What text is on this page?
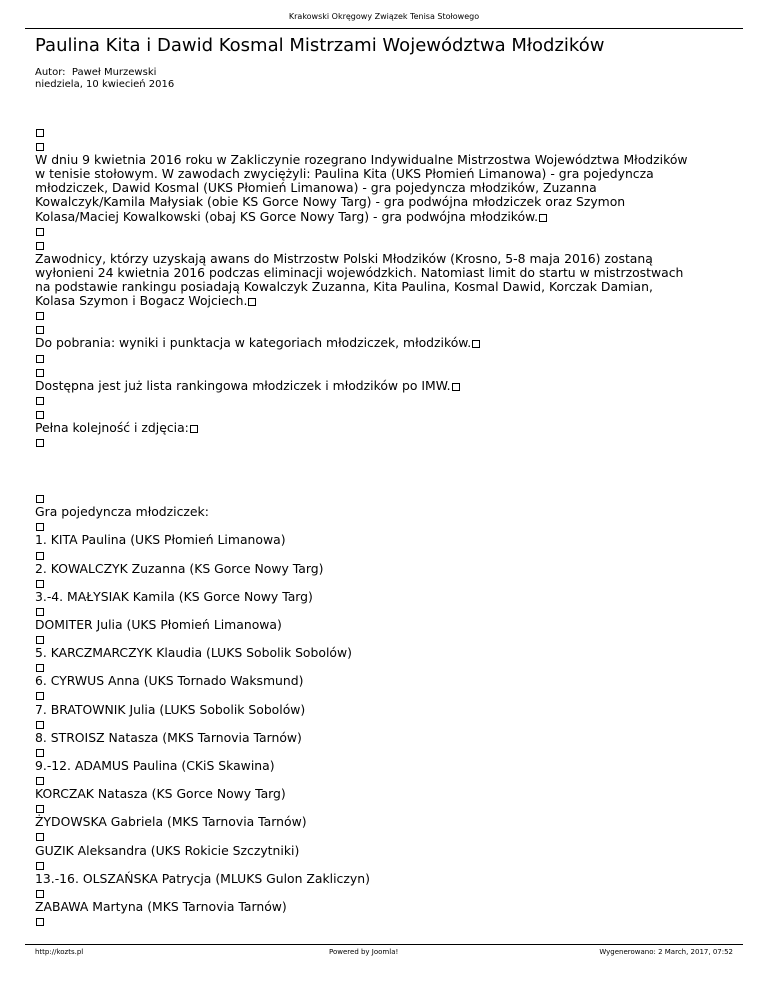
Krakowski Okręgowy Związek Tenisa Stołowego
Paulina Kita i Dawid Kosmal Mistrzami Województwa Młodzików
Autor: Paweł Murzewski
niedziela, 10 kwiecień 2016
W dniu 9 kwietnia 2016 roku w Zakliczynie rozegrano Indywidualne Mistrzostwa Województwa Młodzików
w tenisie stołowym. W zawodach zwyciężyli: Paulina Kita (UKS Płomień Limanowa) - gra pojedyncza
młodziczek, Dawid Kosmal (UKS Płomień Limanowa) - gra pojedyncza młodzików, Zuzanna
Kowalczyk/Kamila Małysiak (obie KS Gorce Nowy Targ) - gra podwójna młodziczek oraz Szymon
Kolasa/Maciej Kowalkowski (obaj KS Gorce Nowy Targ) - gra podwójna młodzików.
Zawodnicy, którzy uzyskają awans do Mistrzostw Polski Młodzików (Krosno, 5-8 maja 2016) zostaną
wyłonieni 24 kwietnia 2016 podczas eliminacji wojewódzkich. Natomiast limit do startu w mistrzostwach
na podstawie rankingu posiadają Kowalczyk Zuzanna, Kita Paulina, Kosmal Dawid, Korczak Damian,
Kolasa Szymon i Bogacz Wojciech.
Do pobrania: wyniki i punktacja w kategoriach młodziczek, młodzików.
Dostępna jest już lista rankingowa młodziczek i młodzików po IMW.
Pełna kolejność i zdjęcia:
Gra pojedyncza młodziczek:
1. KITA Paulina (UKS Płomień Limanowa)
2. KOWALCZYK Zuzanna (KS Gorce Nowy Targ)
3.-4. MAŁYSIAK Kamila (KS Gorce Nowy Targ)
DOMITER Julia (UKS Płomień Limanowa)
5. KARCZMARCZYK Klaudia (LUKS Sobolik Sobolów)
6. CYRWUS Anna (UKS Tornado Waksmund)
7. BRATOWNIK Julia (LUKS Sobolik Sobolów)
8. STROISZ Natasza (MKS Tarnovia Tarnów)
9.-12. ADAMUS Paulina (CKiS Skawina)
KORCZAK Natasza (KS Gorce Nowy Targ)
ŻYDOWSKA Gabriela (MKS Tarnovia Tarnów)
GUZIK Aleksandra (UKS Rokicie Szczytniki)
13.-16. OLSZAŃSKA Patrycja (MLUKS Gulon Zakliczyn)
ZABAWA Martyna (MKS Tarnovia Tarnów)
http://kozts.pl	Powered by Joomla!	Wygenerowano: 2 March, 2017, 07:52
